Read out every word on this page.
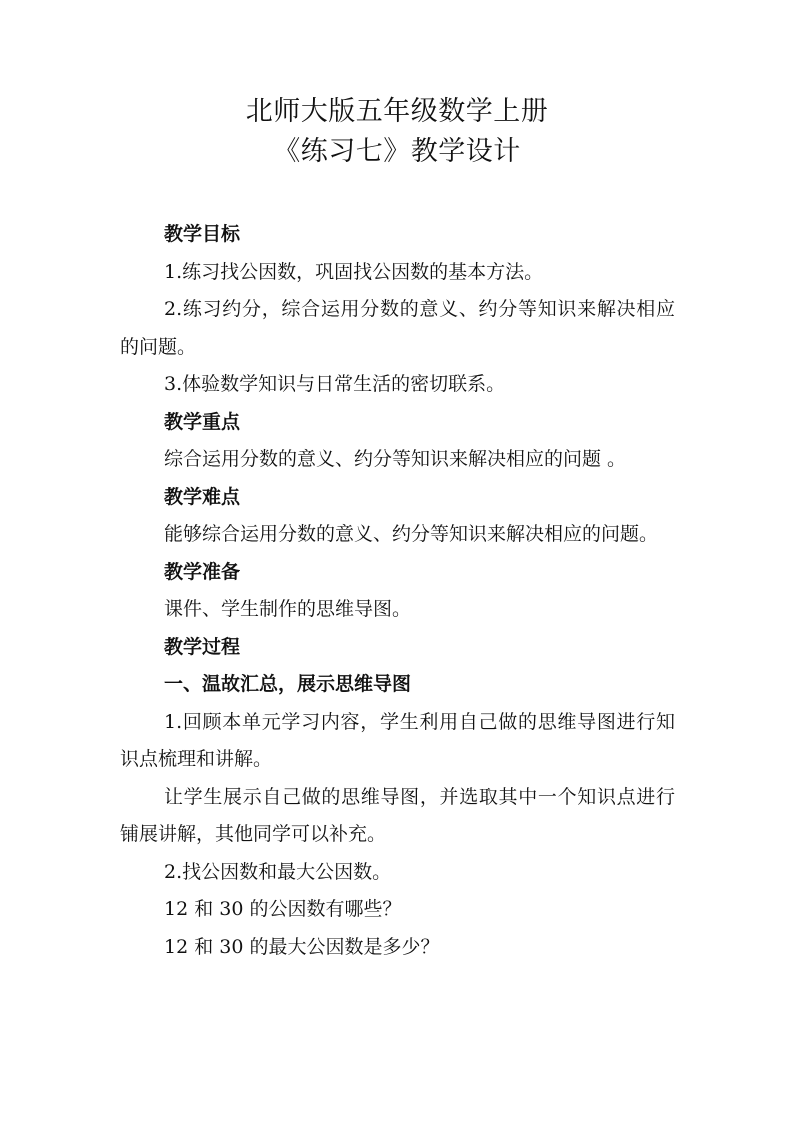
北师大版五年级数学上册
《练习七》教学设计

教学目标

1.练习找公因数，巩固找公因数的基本方法。

2.练习约分，综合运用分数的意义、约分等知识来解决相应的问题。

3.体验数学知识与日常生活的密切联系。

教学重点

综合运用分数的意义、约分等知识来解决相应的问题 。

教学难点

能够综合运用分数的意义、约分等知识来解决相应的问题。

教学准备

课件、学生制作的思维导图。

教学过程

一、温故汇总，展示思维导图

1.回顾本单元学习内容，学生利用自己做的思维导图进行知识点梳理和讲解。

让学生展示自己做的思维导图，并选取其中一个知识点进行铺展讲解，其他同学可以补充。

2.找公因数和最大公因数。

12 和 30 的公因数有哪些？

12 和 30 的最大公因数是多少？
